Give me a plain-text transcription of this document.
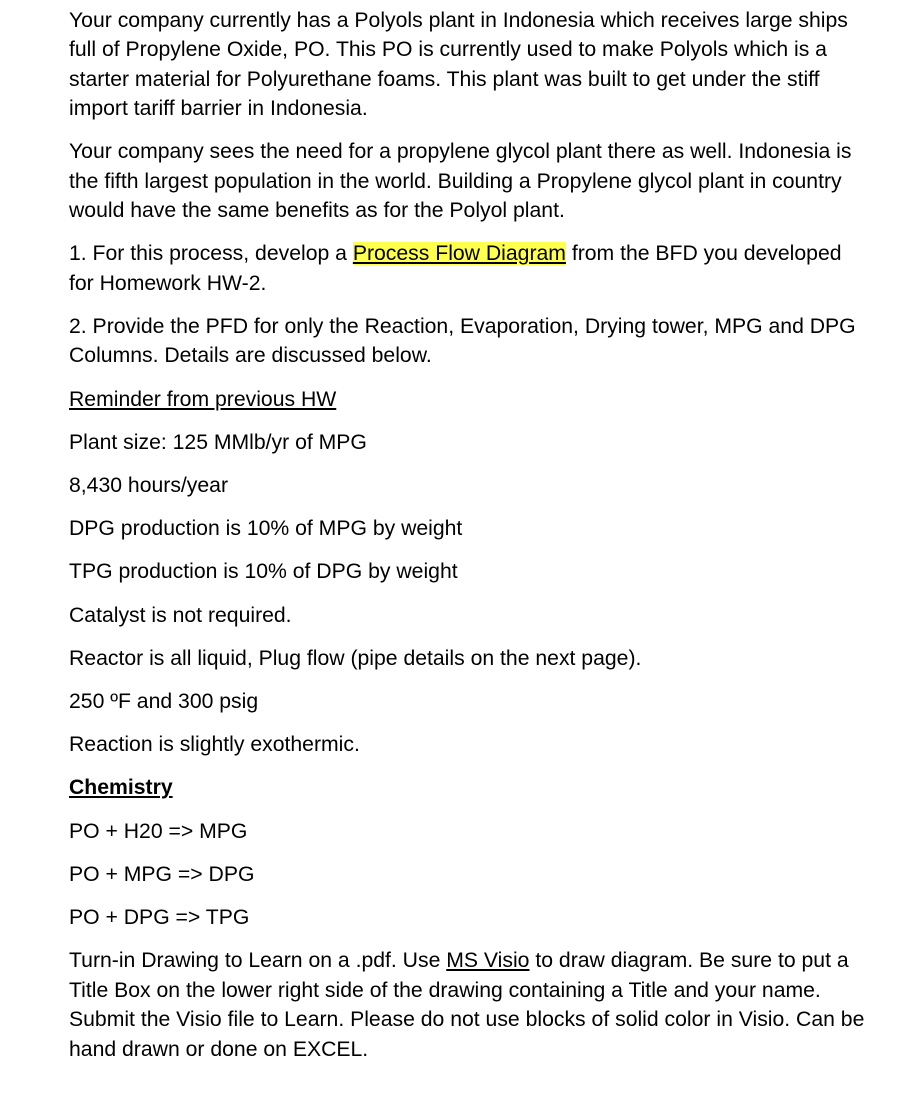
Your company currently has a Polyols plant in Indonesia which receives large ships full of Propylene Oxide, PO. This PO is currently used to make Polyols which is a starter material for Polyurethane foams. This plant was built to get under the stiff import tariff barrier in Indonesia.

Your company sees the need for a propylene glycol plant there as well. Indonesia is the fifth largest population in the world. Building a Propylene glycol plant in country would have the same benefits as for the Polyol plant.

1. For this process, develop a Process Flow Diagram from the BFD you developed for Homework HW-2.

2. Provide the PFD for only the Reaction, Evaporation, Drying tower, MPG and DPG Columns. Details are discussed below.

Reminder from previous HW

Plant size: 125 MMlb/yr of MPG

8,430 hours/year

DPG production is 10% of MPG by weight

TPG production is 10% of DPG by weight

Catalyst is not required.

Reactor is all liquid, Plug flow (pipe details on the next page).

250 ºF and 300 psig

Reaction is slightly exothermic.

Chemistry

PO + H20 => MPG

PO + MPG => DPG

PO + DPG => TPG

Turn-in Drawing to Learn on a .pdf. Use MS Visio to draw diagram. Be sure to put a Title Box on the lower right side of the drawing containing a Title and your name. Submit the Visio file to Learn. Please do not use blocks of solid color in Visio. Can be hand drawn or done on EXCEL.
